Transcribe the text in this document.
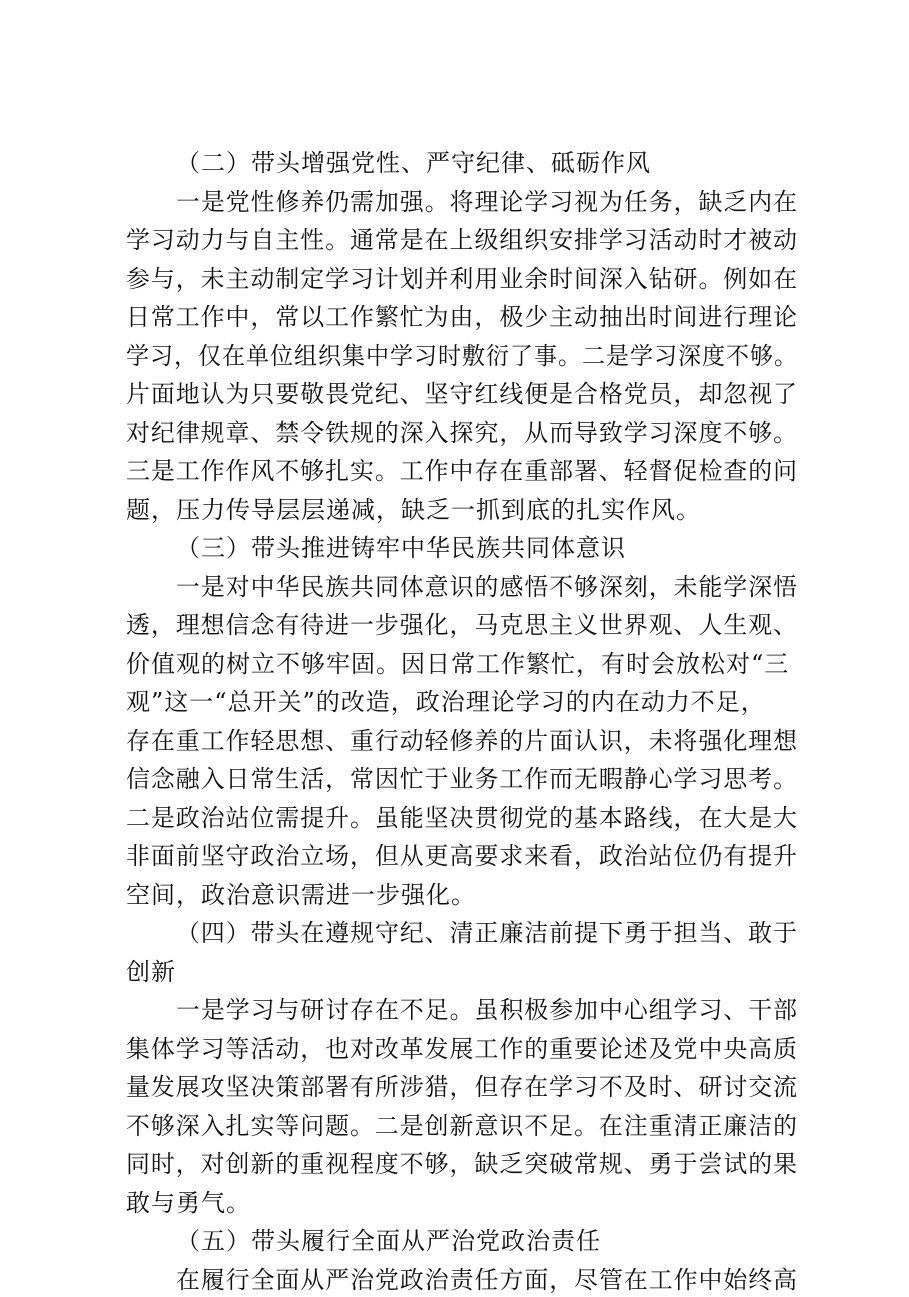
（二）带头增强党性、严守纪律、砥砺作风
一是党性修养仍需加强。将理论学习视为任务，缺乏内在
学习动力与自主性。通常是在上级组织安排学习活动时才被动
参与，未主动制定学习计划并利用业余时间深入钻研。例如在
日常工作中，常以工作繁忙为由，极少主动抽出时间进行理论
学习，仅在单位组织集中学习时敷衍了事。二是学习深度不够。
片面地认为只要敬畏党纪、坚守红线便是合格党员，却忽视了
对纪律规章、禁令铁规的深入探究，从而导致学习深度不够。
三是工作作风不够扎实。工作中存在重部署、轻督促检查的问
题，压力传导层层递减，缺乏一抓到底的扎实作风。
（三）带头推进铸牢中华民族共同体意识
一是对中华民族共同体意识的感悟不够深刻，未能学深悟
透，理想信念有待进一步强化，马克思主义世界观、人生观、
价值观的树立不够牢固。因日常工作繁忙，有时会放松对“三
观”这一“总开关”的改造，政治理论学习的内在动力不足，
存在重工作轻思想、重行动轻修养的片面认识，未将强化理想
信念融入日常生活，常因忙于业务工作而无暇静心学习思考。
二是政治站位需提升。虽能坚决贯彻党的基本路线，在大是大
非面前坚守政治立场，但从更高要求来看，政治站位仍有提升
空间，政治意识需进一步强化。
（四）带头在遵规守纪、清正廉洁前提下勇于担当、敢于
创新
一是学习与研讨存在不足。虽积极参加中心组学习、干部
集体学习等活动，也对改革发展工作的重要论述及党中央高质
量发展攻坚决策部署有所涉猎，但存在学习不及时、研讨交流
不够深入扎实等问题。二是创新意识不足。在注重清正廉洁的
同时，对创新的重视程度不够，缺乏突破常规、勇于尝试的果
敢与勇气。
（五）带头履行全面从严治党政治责任
在履行全面从严治党政治责任方面，尽管在工作中始终高
